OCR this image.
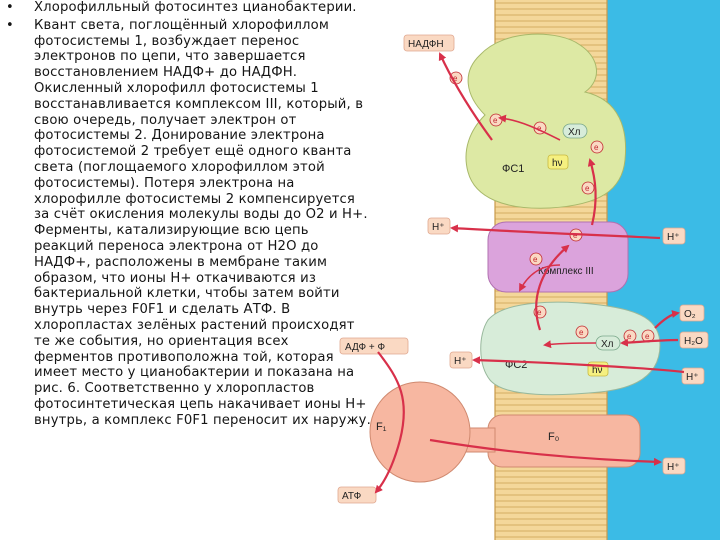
ФС1
Комплекс III
ФС2
F₁
F₀
НАДФН
АДФ + Ф
АТФ
H⁺
H⁺
H⁺
H⁺
H⁺
O₂
H₂O
Хл
hν
Хл
hν
e
e
e
e
e
e
e
e
e	e e
• Хлорофилльный фотосинтез цианобактерии.
• Квант света, поглощённый хлорофиллом фотосистемы 1, возбуждает перенос электронов по цепи, что завершается восстановлением НАДФ+ до НАДФН. Окисленный хлорофилл фотосистемы 1 восстанавливается комплексом III, который, в свою очередь, получает электрон от фотосистемы 2. Донирование электрона фотосистемой 2 требует ещё одного кванта света (поглощаемого хлорофиллом этой фотосистемы). Потеря электрона на хлорофилле фотосистемы 2 компенсируется за счёт окисления молекулы воды до О2 и Н+. Ферменты, катализирующие всю цепь реакций переноса электрона от Н2О до НАДФ+, расположены в мембране таким образом, что ионы Н+ откачиваются из бактериальной клетки, чтобы затем войти внутрь через F0F1 и сделать АТФ. В хлоропластах зелёных растений происходят те же события, но ориентация всех ферментов противоположна той, которая имеет место у цианобактерии и показана на рис. 6. Соответственно у хлоропластов фотосинтетическая цепь накачивает ионы Н+ внутрь, а комплекс F0F1 переносит их наружу.
